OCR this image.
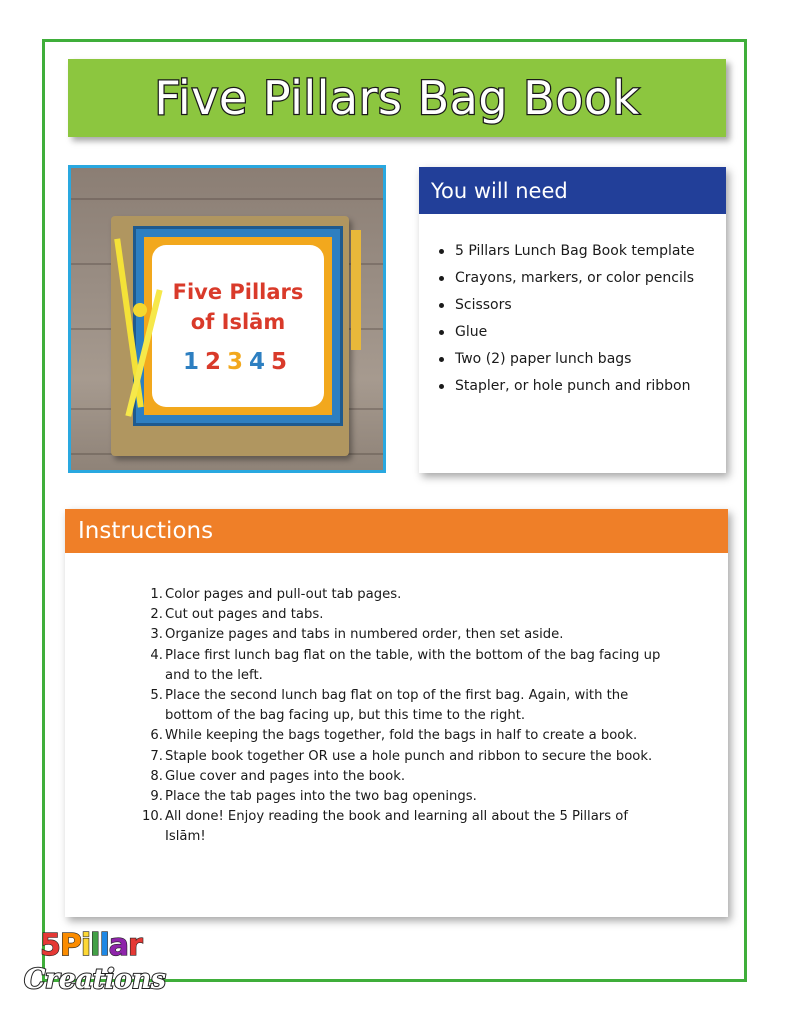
Five Pillars Bag Book
Five Pillars of Islām
12345
You will need
5 Pillars Lunch Bag Book template
Crayons, markers, or color pencils
Scissors
Glue
Two (2) paper lunch bags
Stapler, or hole punch and ribbon
Instructions
1. Color pages and pull-out tab pages.
2. Cut out pages and tabs.
3. Organize pages and tabs in numbered order, then set aside.
4. Place first lunch bag flat on the table, with the bottom of the bag facing up and to the left.
5. Place the second lunch bag flat on top of the first bag. Again, with the bottom of the bag facing up, but this time to the right.
6. While keeping the bags together, fold the bags in half to create a book.
7. Staple book together OR use a hole punch and ribbon to secure the book.
8. Glue cover and pages into the book.
9. Place the tab pages into the two bag openings.
10. All done! Enjoy reading the book and learning all about the 5 Pillars of Islām!
5Pillar
Creations
